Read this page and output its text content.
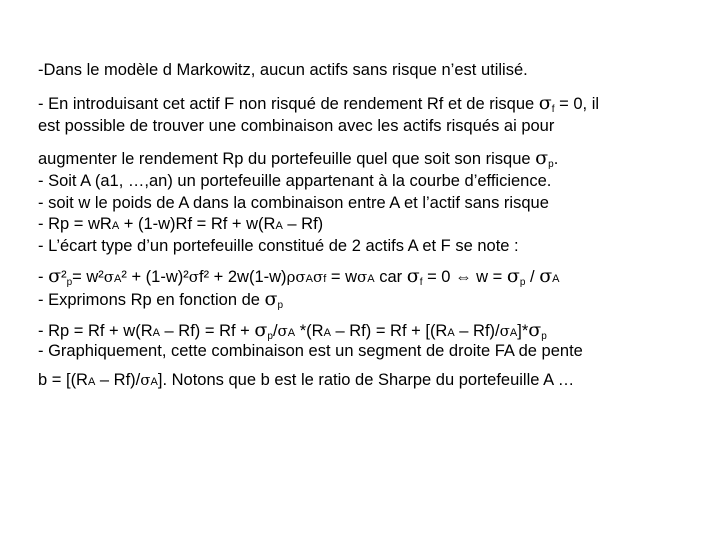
-Dans le modèle d Markowitz, aucun actifs sans risque n’est utilisé.
- En introduisant cet actif F non risqué de rendement Rf et de risque $\sigma_f = 0$, il
est possible de trouver une combinaison avec les actifs risqués ai pour
augmenter le rendement Rp du portefeuille quel que soit son risque $\sigma_p$.
- Soit A (a1, …,an) un portefeuille appartenant à la courbe d’efficience.
- soit w le poids de A dans la combinaison entre A et l’actif sans risque
- Rp = wRA + (1-w)Rf = Rf + w(RA – Rf)
- L’écart type d’un portefeuille constitué de 2 actifs A et F se note :
- $\sigma^2_p= w^2\sigma A^2 + (1-w)^2\sigma f^2 + 2w(1-w)\rho\sigma A\sigma f = w\sigma A$ car $\sigma_f = 0$ ⇔ $w = \sigma_p / \sigma A$
- Exprimons Rp en fonction de $\sigma_p$
- $Rp = Rf + w(RA - Rf) = Rf + \sigma_p/\sigma A$ $*(RA - Rf) = Rf + [(RA - Rf)/\sigma A]*\sigma_p$
- Graphiquement, cette combinaison est un segment de droite FA de pente
b = [(RA – Rf)/σA]. Notons que b est le ratio de Sharpe du portefeuille A …
